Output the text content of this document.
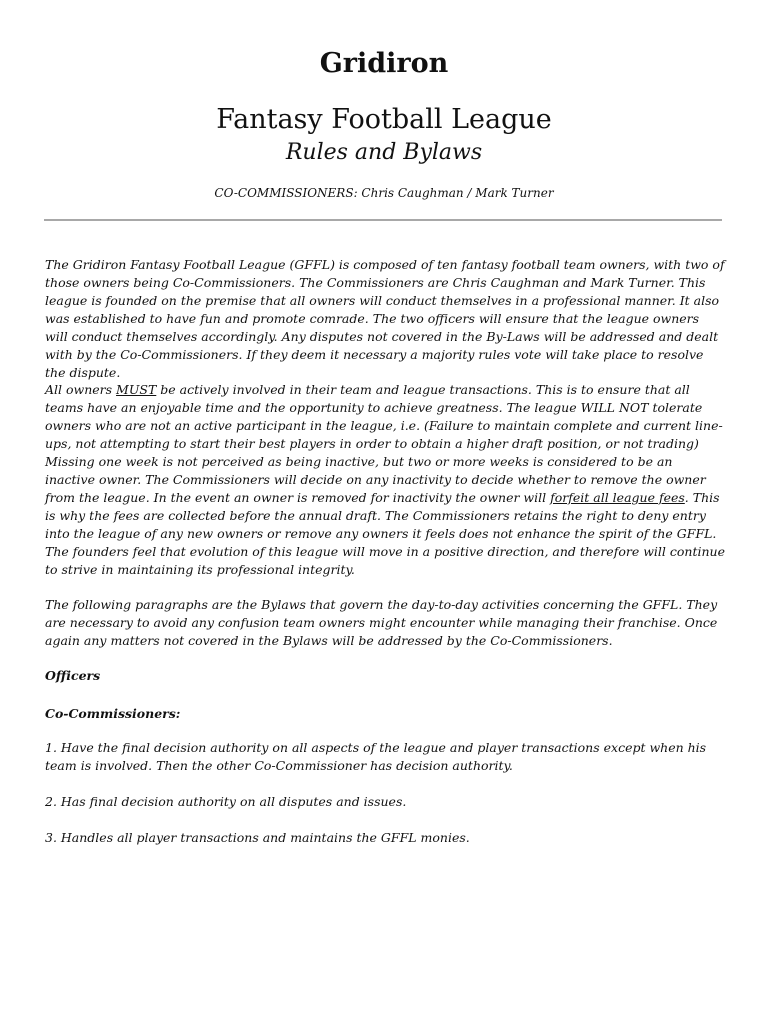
Gridiron
Fantasy Football League
Rules and Bylaws

CO-COMMISSIONERS: Chris Caughman / Mark Turner

The Gridiron Fantasy Football League (GFFL) is composed of ten fantasy football team owners, with two of those owners being Co-Commissioners. The Commissioners are Chris Caughman and Mark Turner. This league is founded on the premise that all owners will conduct themselves in a professional manner. It also was established to have fun and promote comrade. The two officers will ensure that the league owners will conduct themselves accordingly. Any disputes not covered in the By-Laws will be addressed and dealt with by the Co-Commissioners. If they deem it necessary a majority rules vote will take place to resolve the dispute.

All owners MUST be actively involved in their team and league transactions. This is to ensure that all teams have an enjoyable time and the opportunity to achieve greatness. The league WILL NOT tolerate owners who are not an active participant in the league, i.e. (Failure to maintain complete and current line-ups, not attempting to start their best players in order to obtain a higher draft position, or not trading) Missing one week is not perceived as being inactive, but two or more weeks is considered to be an inactive owner. The Commissioners will decide on any inactivity to decide whether to remove the owner from the league. In the event an owner is removed for inactivity the owner will forfeit all league fees. This is why the fees are collected before the annual draft. The Commissioners retains the right to deny entry into the league of any new owners or remove any owners it feels does not enhance the spirit of the GFFL. The founders feel that evolution of this league will move in a positive direction, and therefore will continue to strive in maintaining its professional integrity.

The following paragraphs are the Bylaws that govern the day-to-day activities concerning the GFFL. They are necessary to avoid any confusion team owners might encounter while managing their franchise. Once again any matters not covered in the Bylaws will be addressed by the Co-Commissioners.

Officers

Co-Commissioners:

1. Have the final decision authority on all aspects of the league and player transactions except when his team is involved. Then the other Co-Commissioner has decision authority.

2. Has final decision authority on all disputes and issues.

3. Handles all player transactions and maintains the GFFL monies.
